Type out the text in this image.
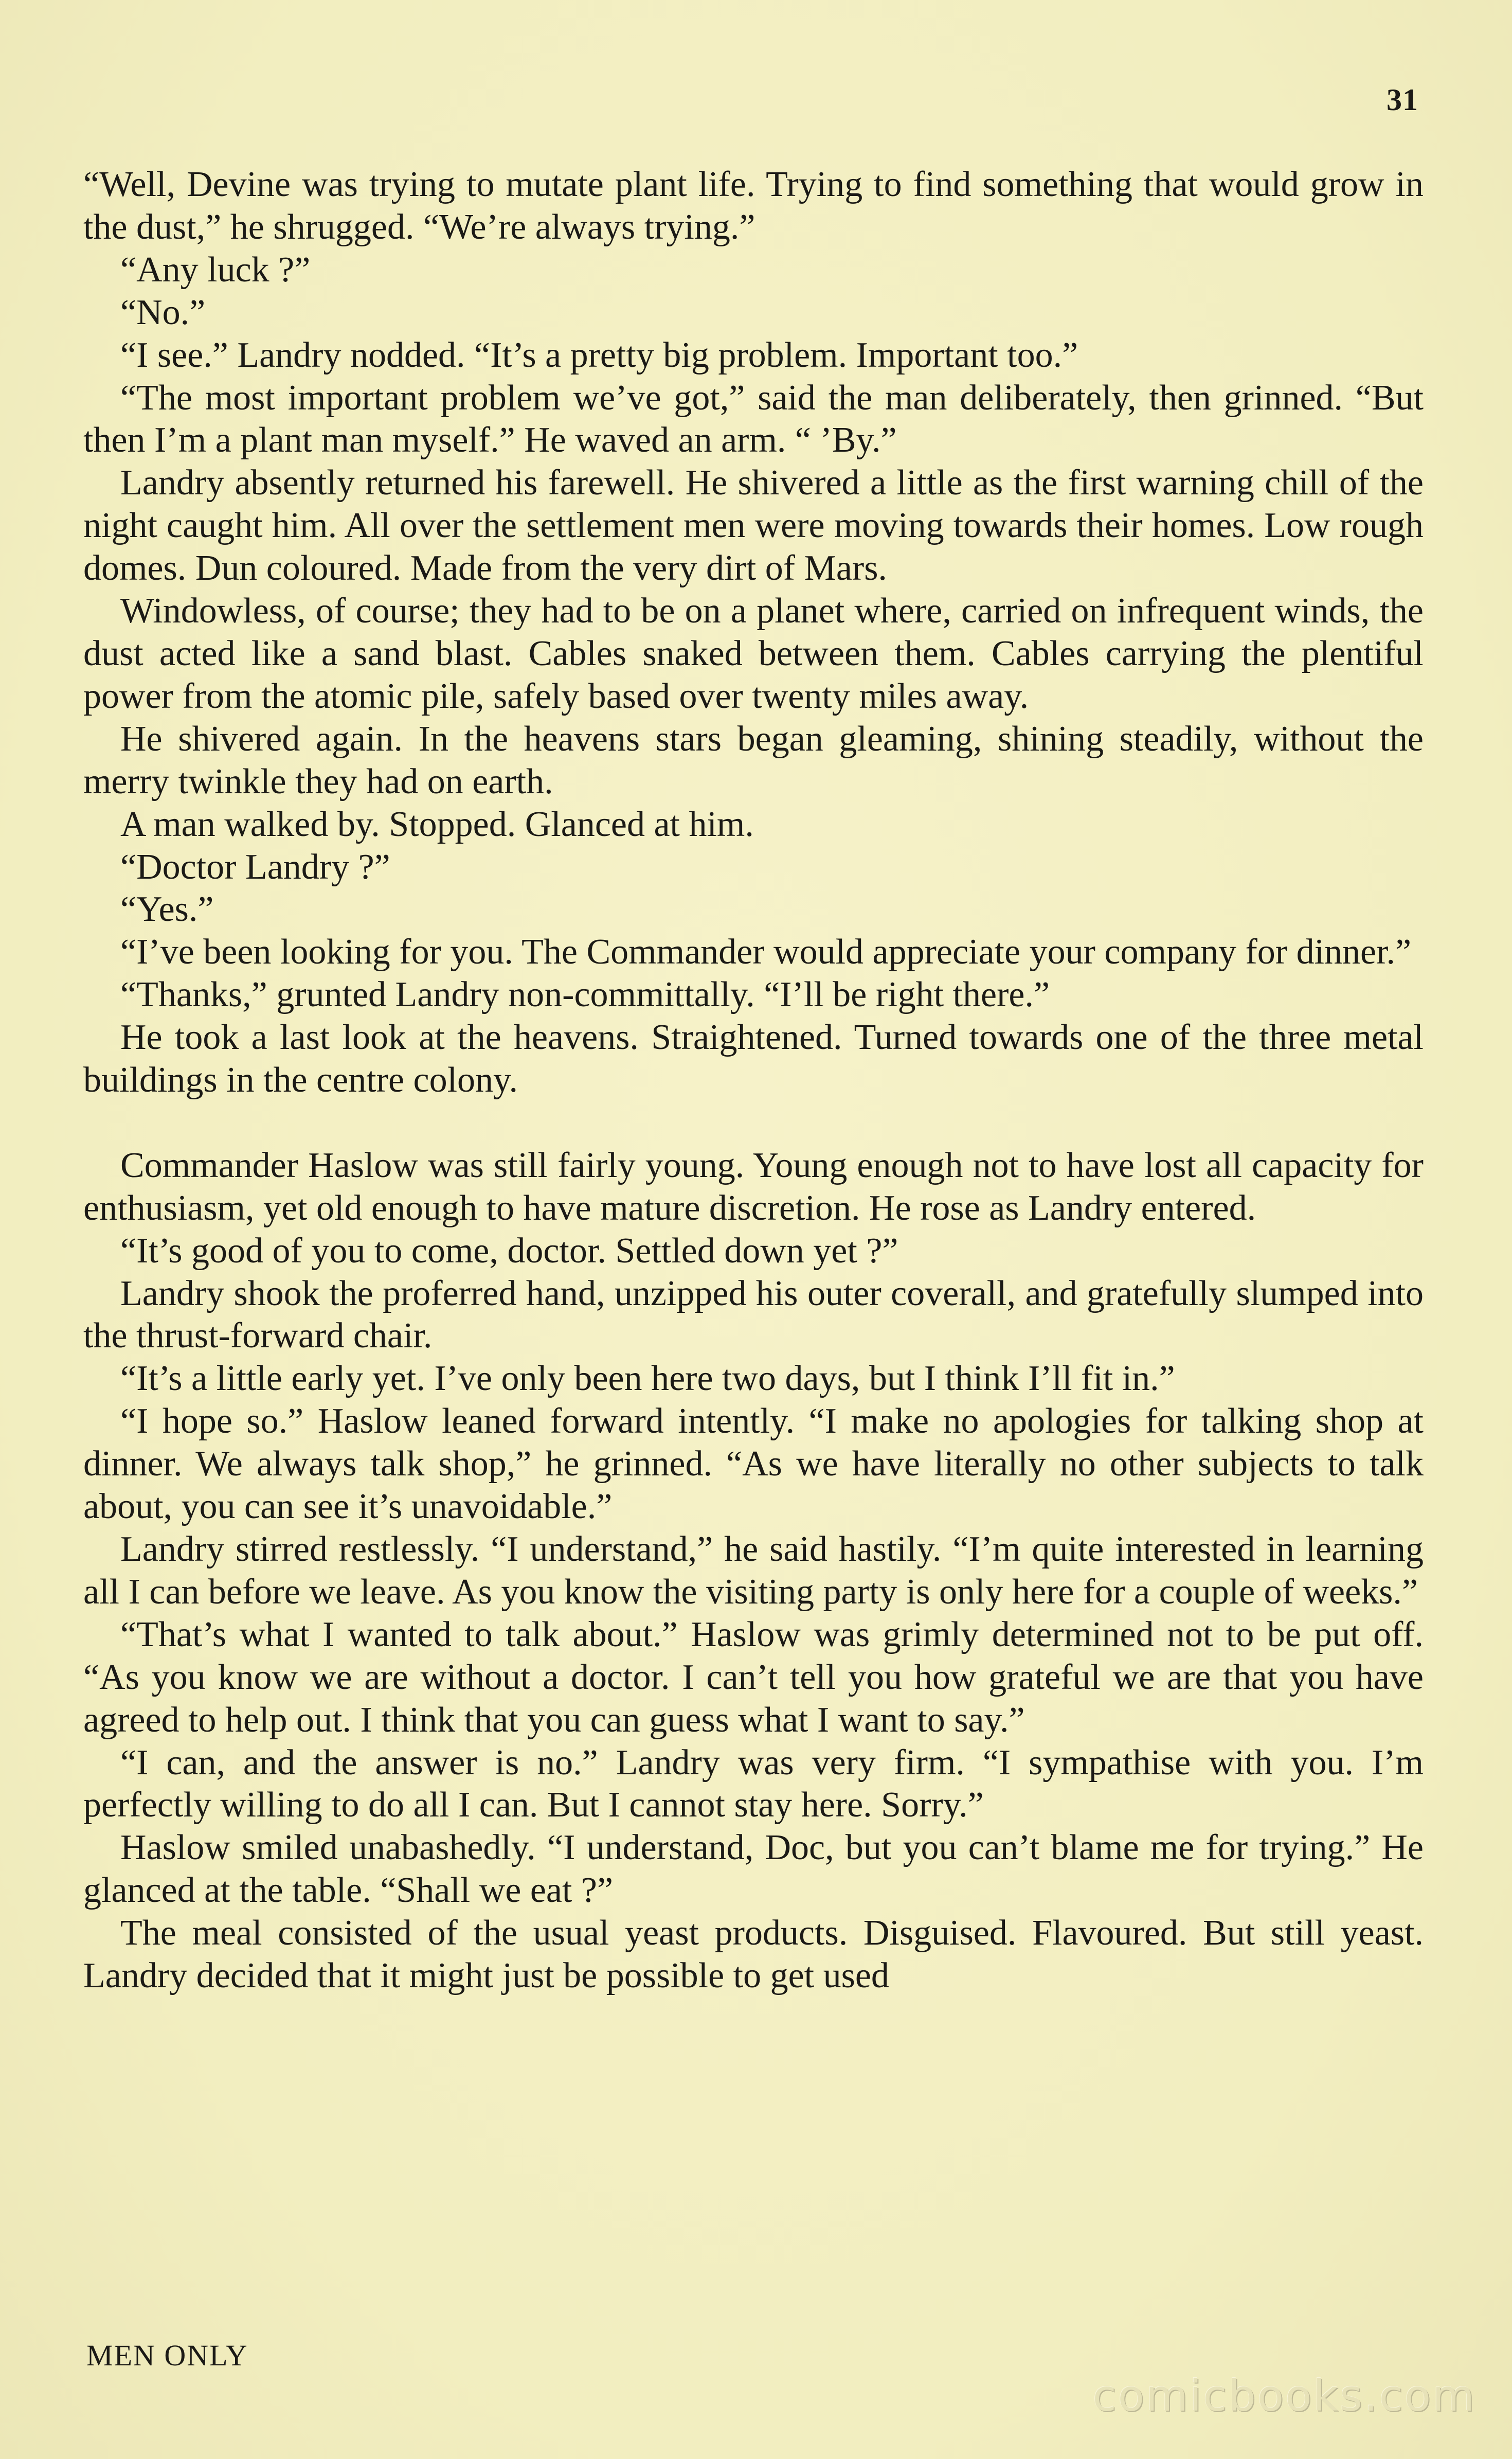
31

“Well, Devine was trying to mutate plant life. Trying to find something that would grow in the dust,” he shrugged. “We’re always trying.”

“Any luck ?”

“No.”

“I see.” Landry nodded. “It’s a pretty big problem. Important too.”

“The most important problem we’ve got,” said the man deliberately, then grinned. “But then I’m a plant man myself.” He waved an arm. “ ’By.”

Landry absently returned his farewell. He shivered a little as the first warning chill of the night caught him. All over the settlement men were moving towards their homes. Low rough domes. Dun coloured. Made from the very dirt of Mars.

Windowless, of course; they had to be on a planet where, carried on infrequent winds, the dust acted like a sand blast. Cables snaked between them. Cables carrying the plentiful power from the atomic pile, safely based over twenty miles away.

He shivered again. In the heavens stars began gleaming, shining steadily, without the merry twinkle they had on earth.

A man walked by. Stopped. Glanced at him.

“Doctor Landry ?”

“Yes.”

“I’ve been looking for you. The Commander would appreciate your company for dinner.”

“Thanks,” grunted Landry non-committally. “I’ll be right there.”

He took a last look at the heavens. Straightened. Turned towards one of the three metal buildings in the centre colony.

Commander Haslow was still fairly young. Young enough not to have lost all capacity for enthusiasm, yet old enough to have mature discretion. He rose as Landry entered.

“It’s good of you to come, doctor. Settled down yet ?”

Landry shook the proferred hand, unzipped his outer coverall, and gratefully slumped into the thrust-forward chair.

“It’s a little early yet. I’ve only been here two days, but I think I’ll fit in.”

“I hope so.” Haslow leaned forward intently. “I make no apologies for talking shop at dinner. We always talk shop,” he grinned. “As we have literally no other subjects to talk about, you can see it’s unavoidable.”

Landry stirred restlessly. “I understand,” he said hastily. “I’m quite interested in learning all I can before we leave. As you know the visiting party is only here for a couple of weeks.”

“That’s what I wanted to talk about.” Haslow was grimly determined not to be put off. “As you know we are without a doctor. I can’t tell you how grateful we are that you have agreed to help out. I think that you can guess what I want to say.”

“I can, and the answer is no.” Landry was very firm. “I sympathise with you. I’m perfectly willing to do all I can. But I cannot stay here. Sorry.”

Haslow smiled unabashedly. “I understand, Doc, but you can’t blame me for trying.” He glanced at the table. “Shall we eat ?”

The meal consisted of the usual yeast products. Disguised. Flavoured. But still yeast. Landry decided that it might just be possible to get used

MEN ONLY
comicbooks.com
